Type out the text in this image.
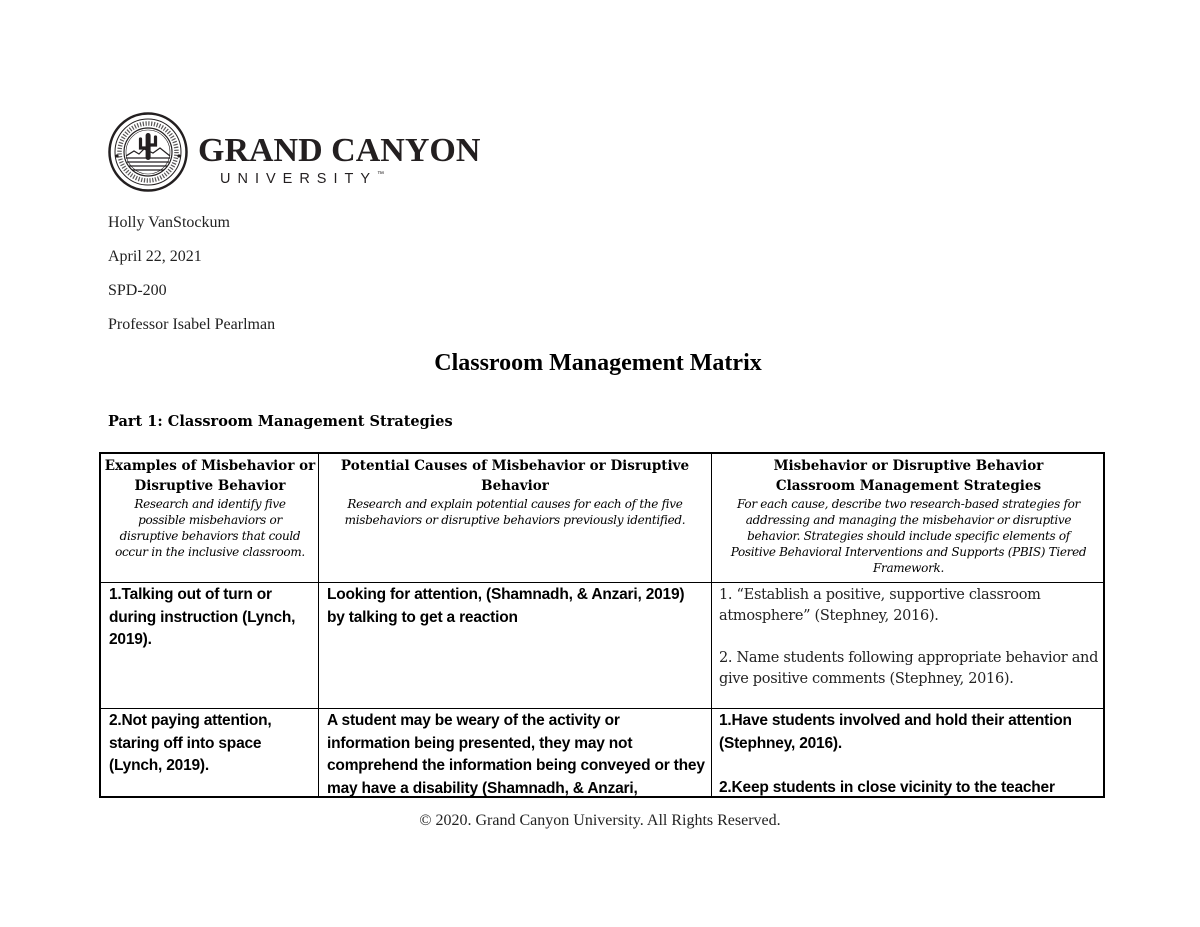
GRAND CANYON
UNIVERSITY™
Holly VanStockum
April 22, 2021
SPD-200
Professor Isabel Pearlman
Classroom Management Matrix
Part 1: Classroom Management Strategies
Examples of Misbehavior or Disruptive Behavior
Research and identify five possible misbehaviors or disruptive behaviors that could occur in the inclusive classroom.
Potential Causes of Misbehavior or Disruptive Behavior
Research and explain potential causes for each of the five misbehaviors or disruptive behaviors previously identified.
Misbehavior or Disruptive Behavior Classroom Management Strategies
For each cause, describe two research-based strategies for addressing and managing the misbehavior or disruptive behavior. Strategies should include specific elements of Positive Behavioral Interventions and Supports (PBIS) Tiered Framework.
1.Talking out of turn or during instruction (Lynch, 2019).
Looking for attention, (Shamnadh, & Anzari, 2019) by talking to get a reaction
1. “Establish a positive, supportive classroom atmosphere” (Stephney, 2016).
2. Name students following appropriate behavior and give positive comments (Stephney, 2016).
2.Not paying attention, staring off into space (Lynch, 2019).
A student may be weary of the activity or information being presented, they may not comprehend the information being conveyed or they may have a disability (Shamnadh, & Anzari,
1.Have students involved and hold their attention (Stephney, 2016).
2.Keep students in close vicinity to the teacher
© 2020. Grand Canyon University. All Rights Reserved.
